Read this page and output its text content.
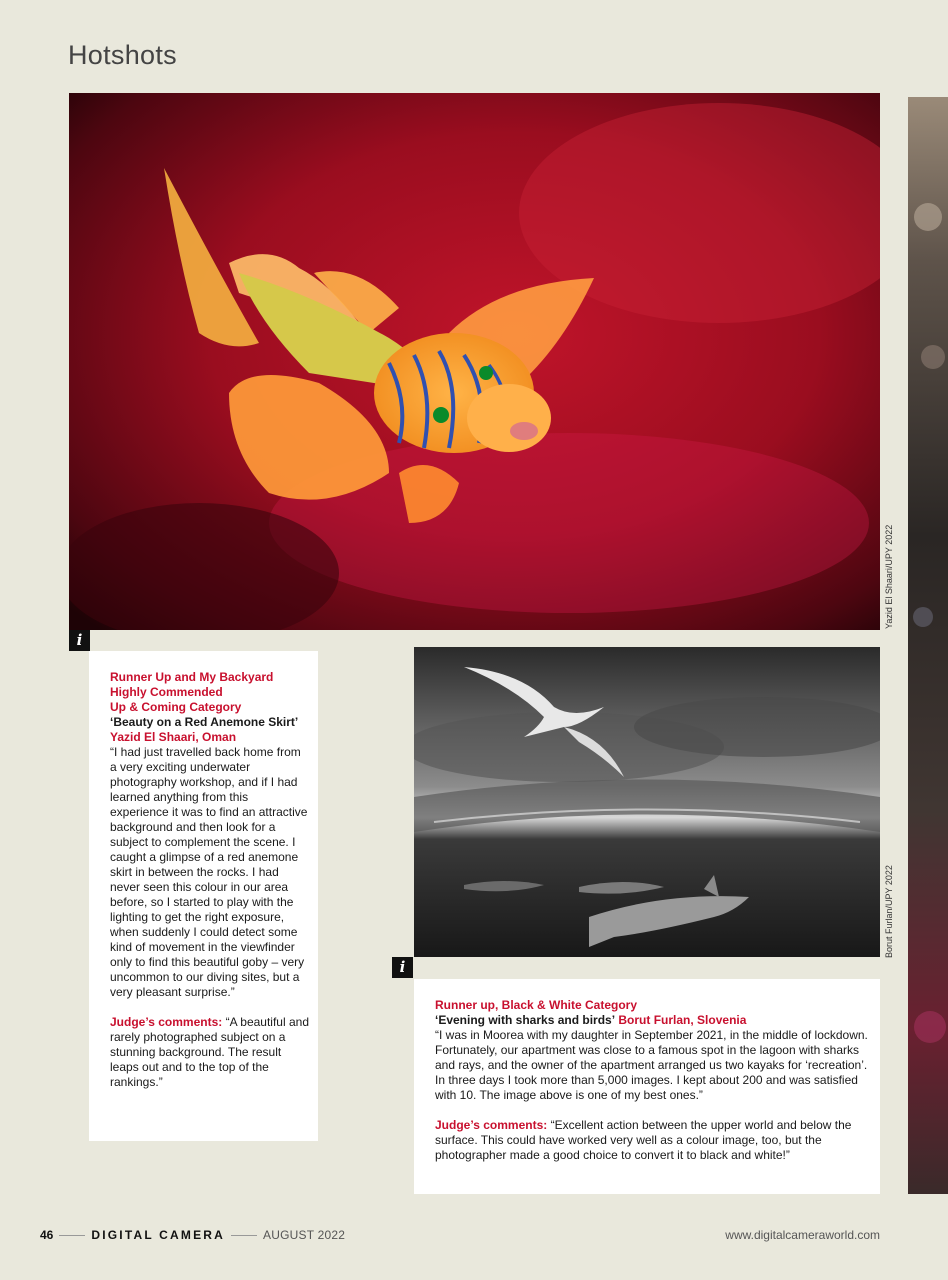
Hotshots
Yazid El Shaari/UPY 2022
i

Runner Up and My Backyard

Highly Commended

Up & Coming Category

‘Beauty on a Red Anemone Skirt’

Yazid El Shaari, Oman

“I had just travelled back home from a very exciting underwater photography workshop, and if I had learned anything from this experience it was to find an attractive background and then look for a subject to complement the scene. I caught a glimpse of a red anemone skirt in between the rocks. I had never seen this colour in our area before, so I started to play with the lighting to get the right exposure, when suddenly I could detect some kind of movement in the viewfinder only to find this beautiful goby – very uncommon to our diving sites, but a very pleasant surprise.”

Judge’s comments: “A beautiful and rarely photographed subject on a stunning background. The result leaps out and to the top of the rankings.”

Borut Furlan/UPY 2022
i

Runner up, Black & White Category

‘Evening with sharks and birds’ Borut Furlan, Slovenia

“I was in Moorea with my daughter in September 2021, in the middle of lockdown. Fortunately, our apartment was close to a famous spot in the lagoon with sharks and rays, and the owner of the apartment arranged us two kayaks for ‘recreation’. In three days I took more than 5,000 images. I kept about 200 and was satisfied with 10. The image above is one of my best ones.”

Judge’s comments: “Excellent action between the upper world and below the surface. This could have worked very well as a colour image, too, but the photographer made a good choice to convert it to black and white!”

46	DIGITAL CAMERA	AUGUST 2022	www.digitalcameraworld.com
